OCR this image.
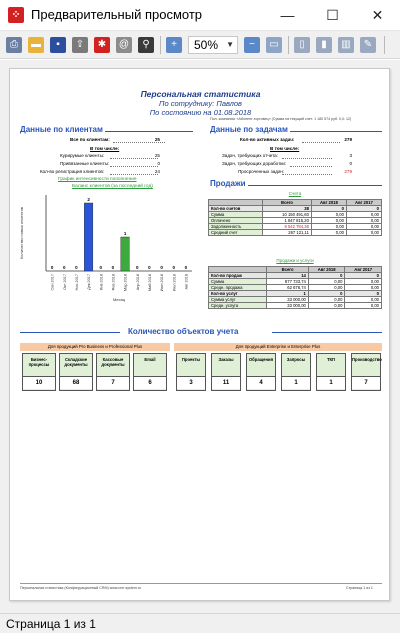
⁘ Предварительный просмотр	—	☐	✕
⎙	▬	▪	⇪	✱	@	⚲	+	50% ▼	−	▭	▯	▮	▥	✎
Персональная статистика
По сотруднику: Павлов
По состоянию на 01.08.2018
Пол. компания: «Абонент-торговец» (Сумма на текущий счет: 1 180 574 руб. 0,0: 12)
Данные по клиентам
Все по клиентам:	25
В том числе:
Курирумые клиенты:	25
Привязанные клиенты:	0
Кол-во регистрация клиентов:	24
Данные по задачам
Кол-во активных задач:	279
В том числе:
Задач, требующих отчета:	3
Задач, требующих доработки:	0
Просроченных задач:	279
График интенсивности пополнения
Баланс клиентов (за последний год)
Количество новых клиентов
0
Сен 2017
0
Окт 2017
0
Ноя 2017
2
Дек 2017
0
Янв 2018
0
Фев 2018
1
Мар 2018
0
Апр 2018
0
Май 2018
0
Июн 2018
0
Июл 2018
0
Авг 2018
Месяц
Продажи
Счета
	Всего	Авг 2018	Авг 2017
Кол-во счетов	38	0	0
Сумма	10 150 491,60	0,00	0,00
Оплачено	1 847 815,20	0,00	0,00
Задолженность	8 542 784,36	0,00	0,00
Средний счет	267 121,11	0,00	0,00
Продажи и услуги
	Всего	Авг 2018	Авг 2017
Кол-во продаж	14	0	0
Сумма	877 733,74	0,00	0,00
Средн. продажа	62 676,74	0,00	0,00
Кол-во услуг	1	0	0
Сумма услуг	33 000,00	0,00	0,00
Средн. услуга	33 000,00	0,00	0,00
Количество объектов учета
Для продукций Pro Business и Professional Plus	Для продукций Enterprise и Enterprise Plus
Бизнес-процессы
10
Складские документы
68
Кассовые документы
7
Email
6
Проекты
3
Заказы
11
Обращения
4
Запросы
1
ТКП
1
Производство
7
Персональная статистика (Конфигурационный CRM) www.crm-system.ru	Страница 1 из 1
Страница 1 из 1
